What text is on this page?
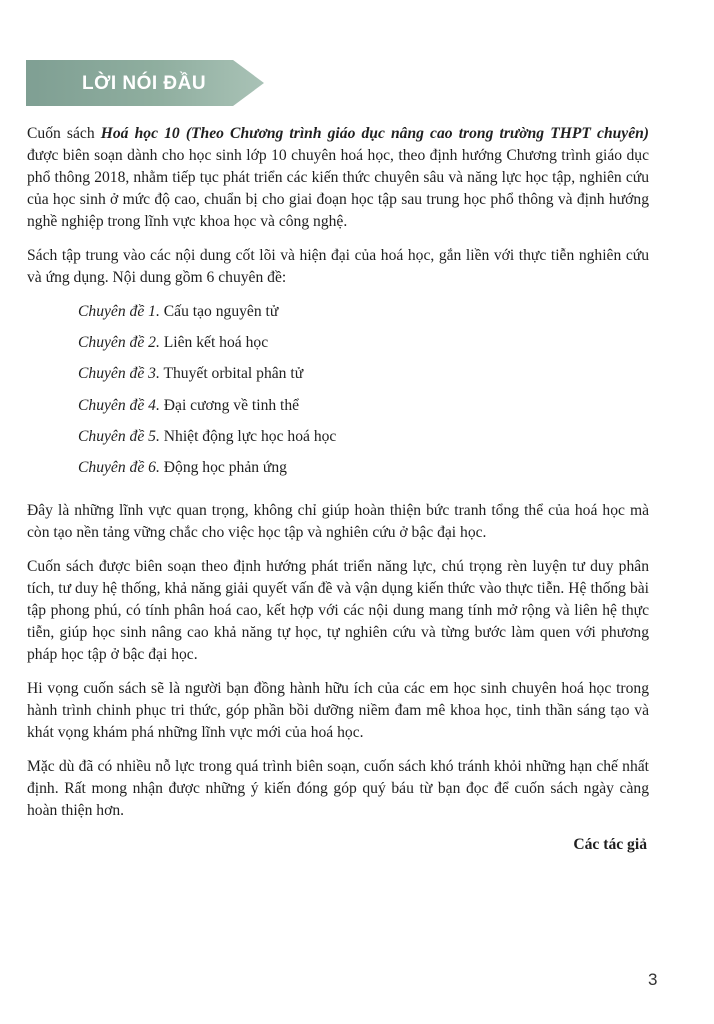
LỜI NÓI ĐẦU

Cuốn sách Hoá học 10 (Theo Chương trình giáo dục nâng cao trong trường THPT chuyên) được biên soạn dành cho học sinh lớp 10 chuyên hoá học, theo định hướng Chương trình giáo dục phổ thông 2018, nhằm tiếp tục phát triển các kiến thức chuyên sâu và năng lực học tập, nghiên cứu của học sinh ở mức độ cao, chuẩn bị cho giai đoạn học tập sau trung học phổ thông và định hướng nghề nghiệp trong lĩnh vực khoa học và công nghệ.

Sách tập trung vào các nội dung cốt lõi và hiện đại của hoá học, gắn liền với thực tiễn nghiên cứu và ứng dụng. Nội dung gồm 6 chuyên đề:

Chuyên đề 1. Cấu tạo nguyên tử
Chuyên đề 2. Liên kết hoá học
Chuyên đề 3. Thuyết orbital phân tử
Chuyên đề 4. Đại cương về tinh thể
Chuyên đề 5. Nhiệt động lực học hoá học
Chuyên đề 6. Động học phản ứng

Đây là những lĩnh vực quan trọng, không chỉ giúp hoàn thiện bức tranh tổng thể của hoá học mà còn tạo nền tảng vững chắc cho việc học tập và nghiên cứu ở bậc đại học.

Cuốn sách được biên soạn theo định hướng phát triển năng lực, chú trọng rèn luyện tư duy phân tích, tư duy hệ thống, khả năng giải quyết vấn đề và vận dụng kiến thức vào thực tiễn. Hệ thống bài tập phong phú, có tính phân hoá cao, kết hợp với các nội dung mang tính mở rộng và liên hệ thực tiễn, giúp học sinh nâng cao khả năng tự học, tự nghiên cứu và từng bước làm quen với phương pháp học tập ở bậc đại học.

Hi vọng cuốn sách sẽ là người bạn đồng hành hữu ích của các em học sinh chuyên hoá học trong hành trình chinh phục tri thức, góp phần bồi dưỡng niềm đam mê khoa học, tinh thần sáng tạo và khát vọng khám phá những lĩnh vực mới của hoá học.

Mặc dù đã có nhiều nỗ lực trong quá trình biên soạn, cuốn sách khó tránh khỏi những hạn chế nhất định. Rất mong nhận được những ý kiến đóng góp quý báu từ bạn đọc để cuốn sách ngày càng hoàn thiện hơn.

Các tác giả

3
